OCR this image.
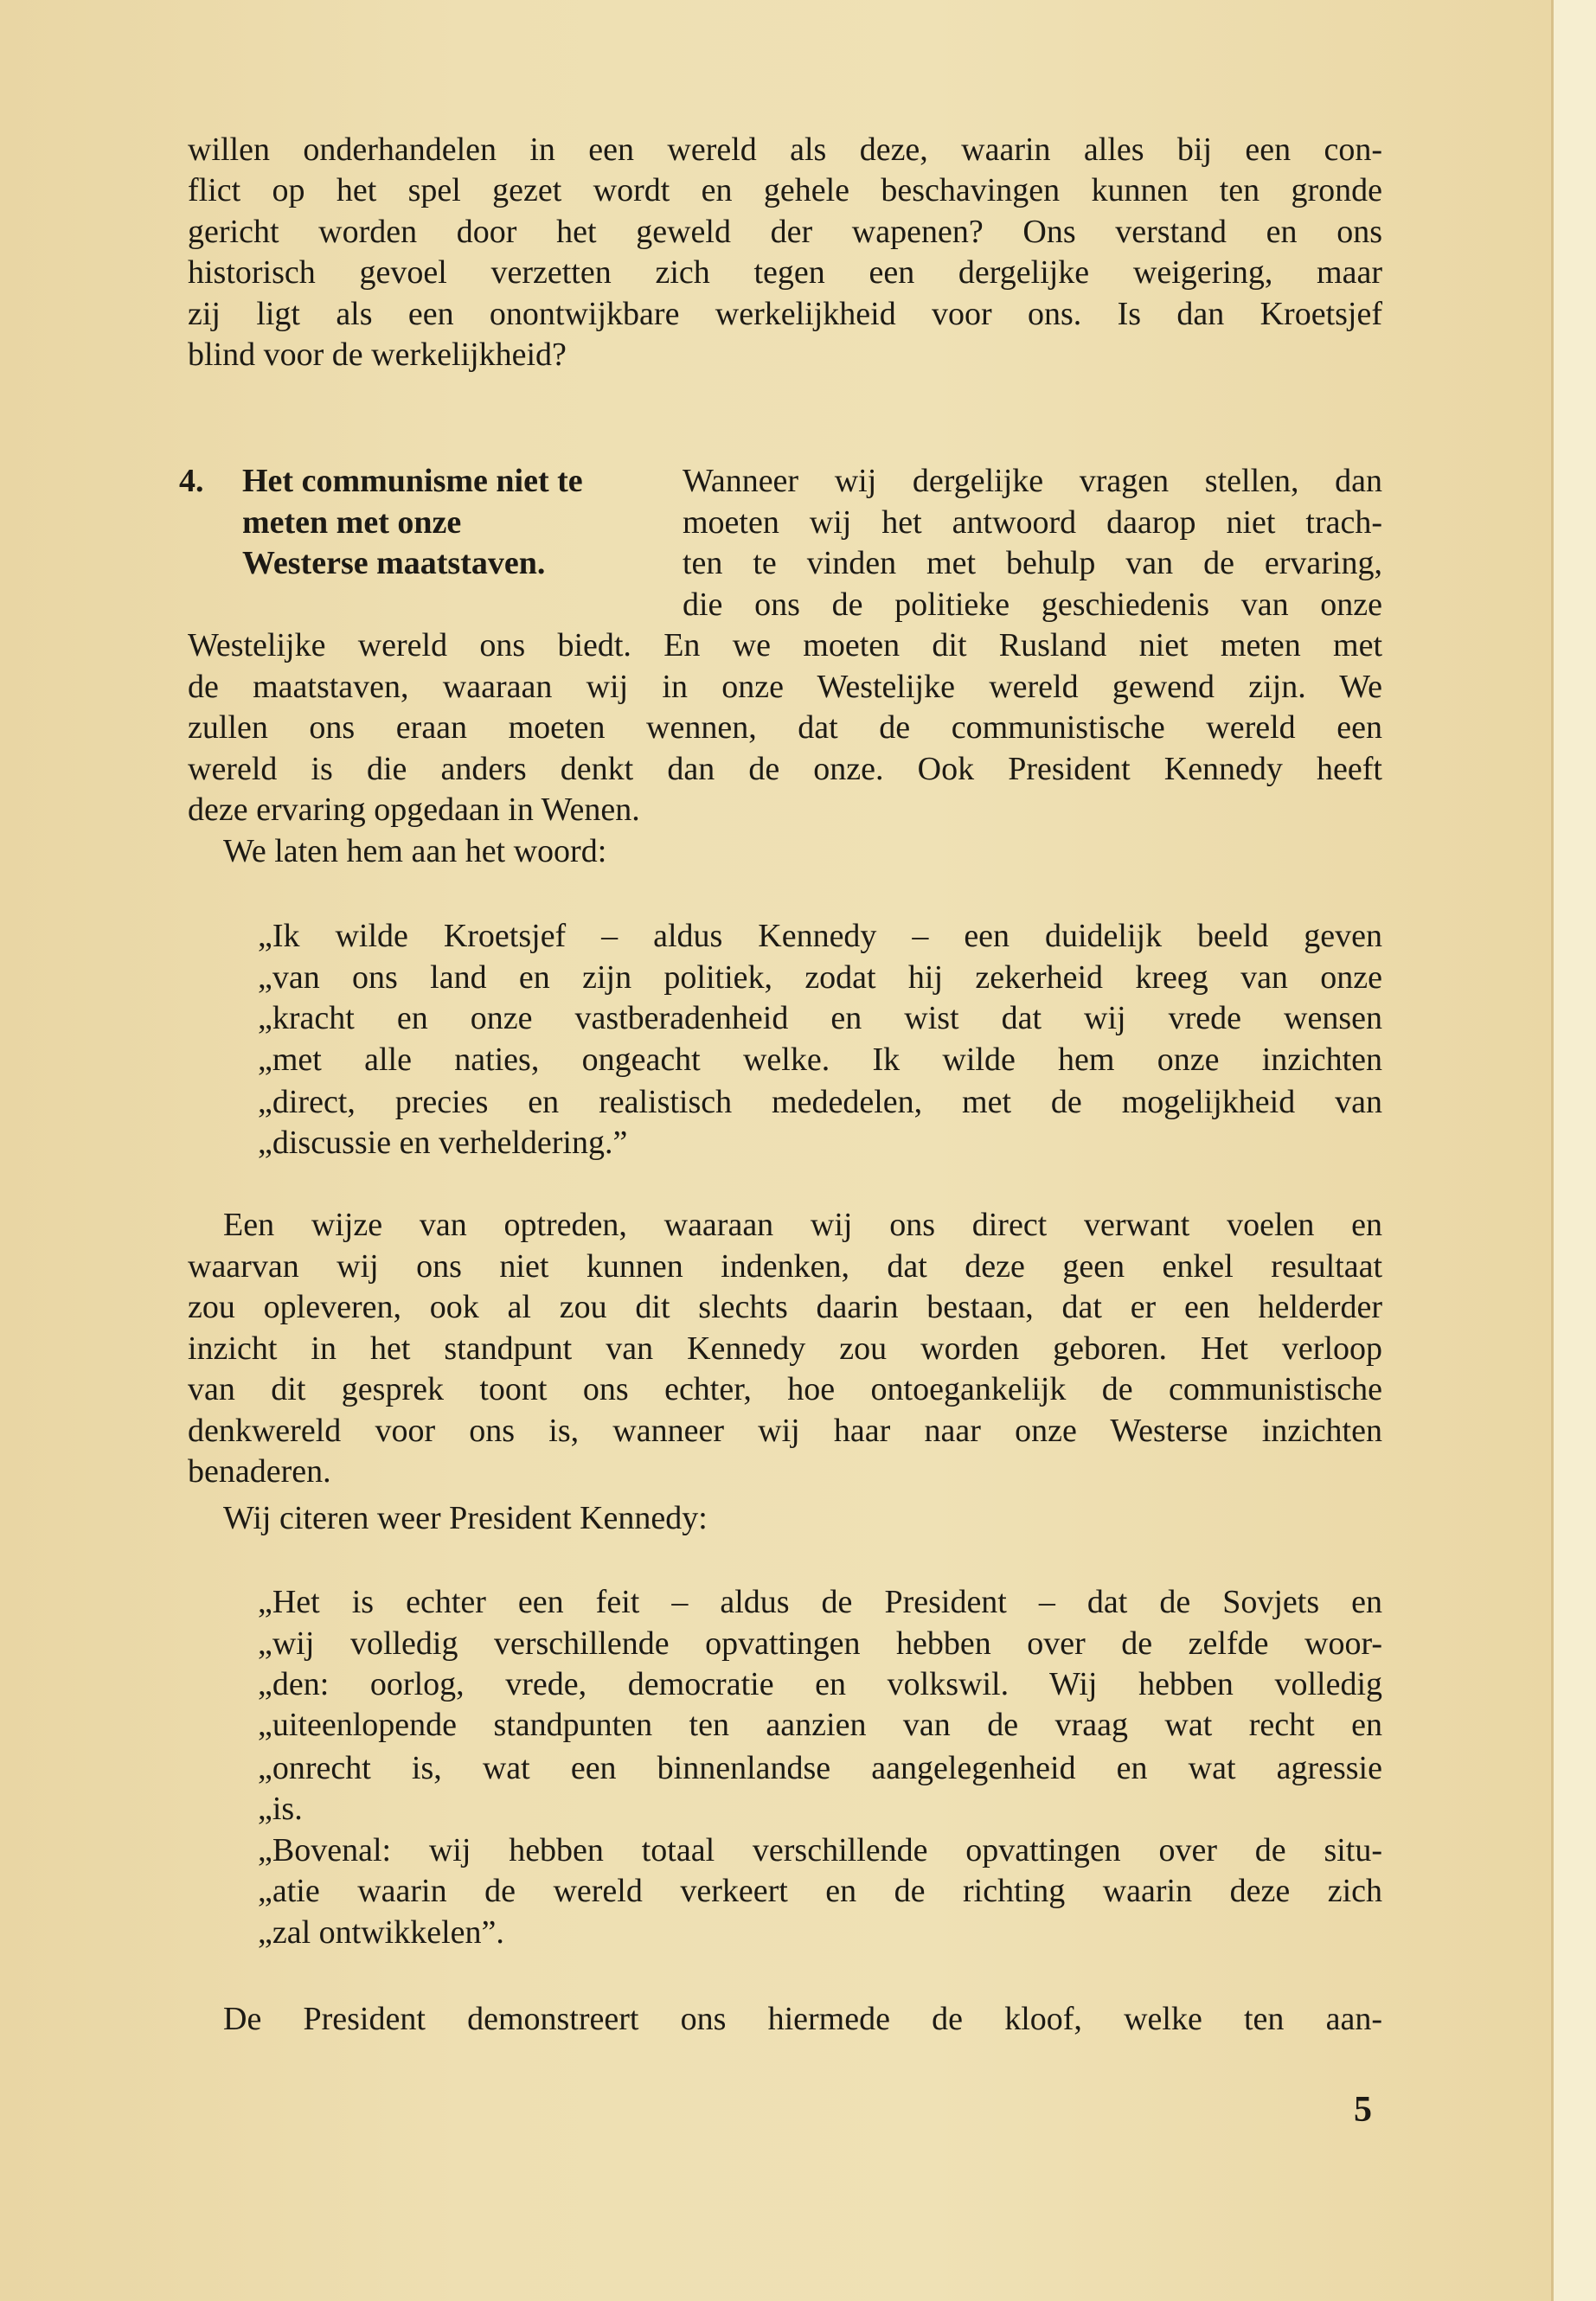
willen onderhandelen in een wereld als deze, waarin alles bij een con-
flict op het spel gezet wordt en gehele beschavingen kunnen ten gronde
gericht worden door het geweld der wapenen? Ons verstand en ons
historisch gevoel verzetten zich tegen een dergelijke weigering, maar
zij ligt als een onontwijkbare werkelijkheid voor ons. Is dan Kroetsjef
blind voor de werkelijkheid?
Het communisme niet te
meten met onze
Westerse maatstaven.
Wanneer wij dergelijke vragen stellen, dan
moeten wij het antwoord daarop niet trach-
ten te vinden met behulp van de ervaring,
die ons de politieke geschiedenis van onze
Westelijke wereld ons biedt. En we moeten dit Rusland niet meten met
de maatstaven, waaraan wij in onze Westelijke wereld gewend zijn. We
zullen ons eraan moeten wennen, dat de communistische wereld een
wereld is die anders denkt dan de onze. Ook President Kennedy heeft
deze ervaring opgedaan in Wenen.
„Ik wilde Kroetsjef – aldus Kennedy – een duidelijk beeld geven
„van ons land en zijn politiek, zodat hij zekerheid kreeg van onze
„kracht en onze vastberadenheid en wist dat wij vrede wensen
„met alle naties, ongeacht welke. Ik wilde hem onze inzichten
„direct, precies en realistisch mededelen, met de mogelijkheid van
„discussie en verheldering.”
Een wijze van optreden, waaraan wij ons direct verwant voelen en
waarvan wij ons niet kunnen indenken, dat deze geen enkel resultaat
zou opleveren, ook al zou dit slechts daarin bestaan, dat er een helderder
inzicht in het standpunt van Kennedy zou worden geboren. Het verloop
van dit gesprek toont ons echter, hoe ontoegankelijk de communistische
denkwereld voor ons is, wanneer wij haar naar onze Westerse inzichten
benaderen.
„Het is echter een feit – aldus de President – dat de Sovjets en
„wij volledig verschillende opvattingen hebben over de zelfde woor-
„den: oorlog, vrede, democratie en volkswil. Wij hebben volledig
„uiteenlopende standpunten ten aanzien van de vraag wat recht en
„onrecht is, wat een binnenlandse aangelegenheid en wat agressie
„is.
„Bovenal: wij hebben totaal verschillende opvattingen over de situ-
„atie waarin de wereld verkeert en de richting waarin deze zich
„zal ontwikkelen”.
De President demonstreert ons hiermede de kloof, welke ten aan-
4.
We laten hem aan het woord:
Wij citeren weer President Kennedy:
5
